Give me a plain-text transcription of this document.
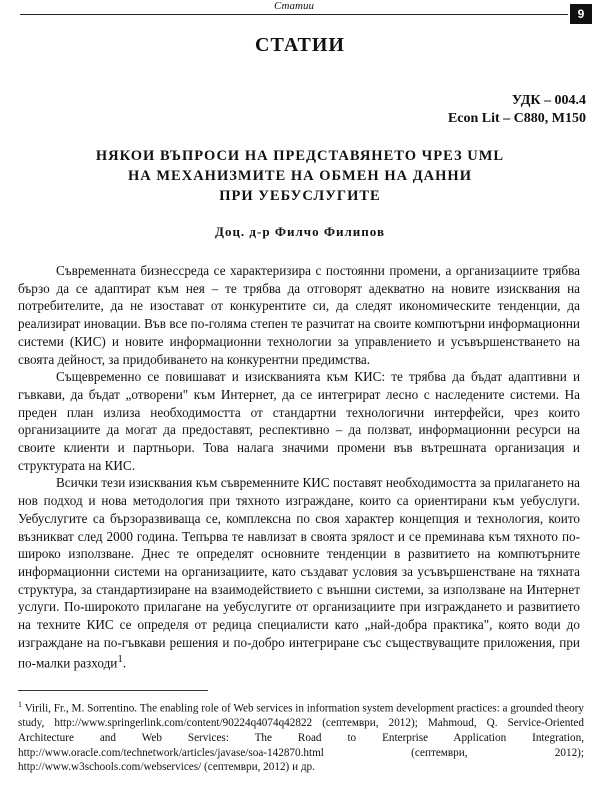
Статии
9
СТАТИИ
УДК – 004.4
Econ Lit – C880, M150
НЯКОИ ВЪПРОСИ НА ПРЕДСТАВЯНЕТО ЧРЕЗ UML
НА МЕХАНИЗМИТЕ НА ОБМЕН НА ДАННИ
ПРИ УЕБУСЛУГИТЕ
Доц. д-р Филчо Филипов

Съвременната бизнессреда се характеризира с постоянни промени, а организациите трябва бързо да се адаптират към нея – те трябва да отговорят адекватно на новите изисквания на потребителите, да не изостават от конкурентите си, да следят икономическите тенденции, да реализират иновации. Във все по-голяма степен те разчитат на своите компютърни информационни системи (КИС) и новите информационни технологии за управлението и усъвършенстването на своята дейност, за придобиването на конкурентни предимства.

Същевременно се повишават и изискванията към КИС: те трябва да бъдат адаптивни и гъвкави, да бъдат „отворени" към Интернет, да се интегрират лесно с наследените системи. На преден план излиза необходимостта от стандартни технологични интерфейси, чрез които организациите да могат да предоставят, респективно – да ползват, информационни ресурси на своите клиенти и партньори. Това налага значими промени във вътрешната организация и структурата на КИС.

Всички тези изисквания към съвременните КИС поставят необходимостта за прилагането на нов подход и нова методология при тяхното изграждане, които са ориентирани към уебуслуги. Уебуслугите са бързоразвиваща се, комплексна по своя характер концепция и технология, които възникват след 2000 година. Тепърва те навлизат в своята зрялост и се преминава към тяхното по-широко използване. Днес те определят основните тенденции в развитието на компютърните информационни системи на организациите, като създават условия за усъвършенстване на тяхната структура, за стандартизиране на взаимодействието с външни системи, за използване на Интернет услуги. По-широкото прилагане на уебуслугите от организациите при изграждането и развитието на техните КИС се определя от редица специалисти като „най-добра практика", която води до изграждане на по-гъвкави решения и по-добро интегриране със съществуващите приложения, при по-малки разходи$^1$.

$^1$ Virili, Fr., M. Sorrentino. The enabling role of Web services in information system development practices: a grounded theory study, http://www.springerlink.com/content/90224q4074q42822 (септември, 2012); Mahmoud, Q. Service-Oriented Architecture and Web Services: The Road to Enterprise Application Integration, http://www.oracle.com/technetwork/articles/javase/soa-142870.html (септември, 2012); http://www.w3schools.com/webservices/ (септември, 2012) и др.
